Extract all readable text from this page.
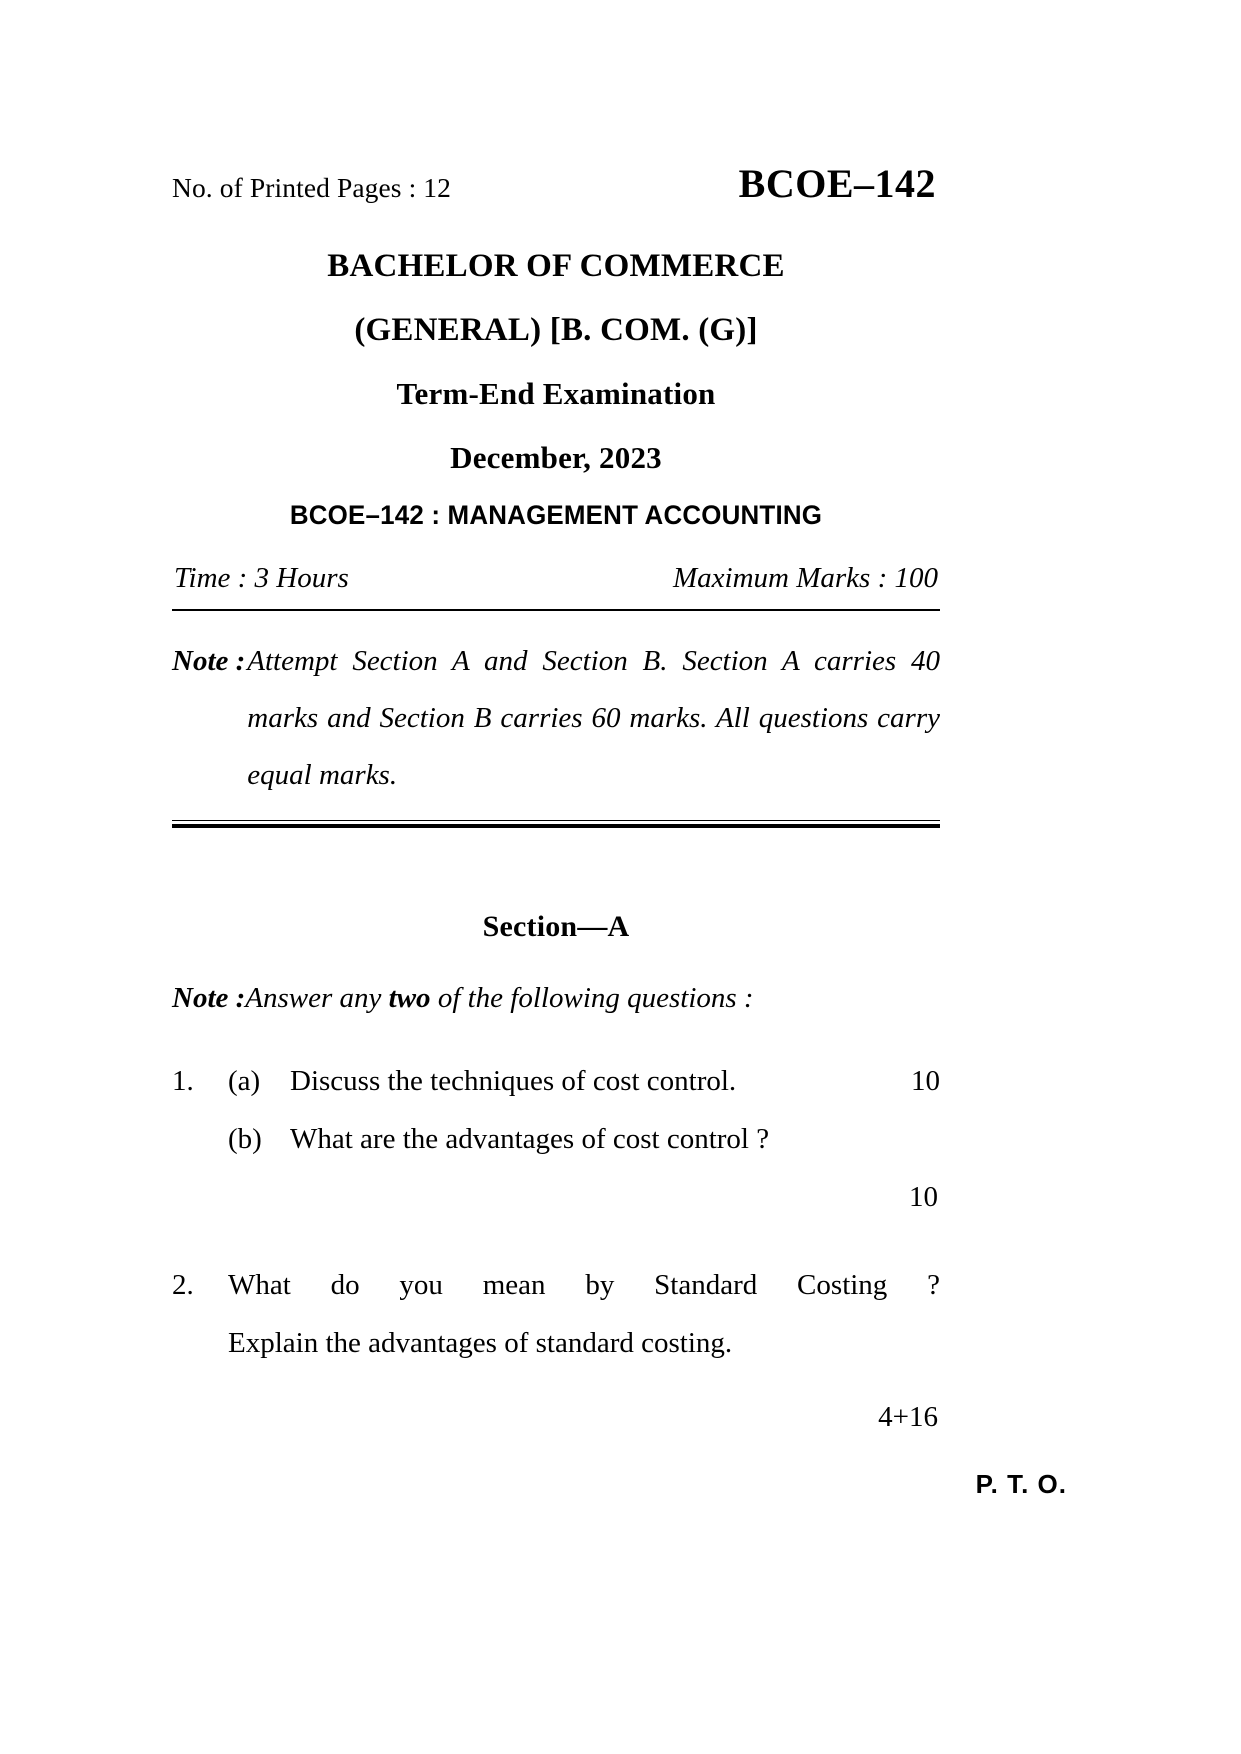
No. of Printed Pages : 12	BCOE–142
BACHELOR OF COMMERCE
(GENERAL) [B. COM. (G)]
Term-End Examination
December, 2023
BCOE–142 : MANAGEMENT ACCOUNTING
Time : 3 Hours	Maximum Marks : 100
Note : Attempt Section A and Section B. Section A carries 40 marks and Section B carries 60 marks. All questions carry equal marks.
Section—A
Note :Answer any two of the following questions :
1.	(a)	Discuss the techniques of cost control.	10
(b) What are the advantages of cost control ?
10
2.	What do you mean by Standard Costing ?
Explain the advantages of standard costing.
4+16
P. T. O.
